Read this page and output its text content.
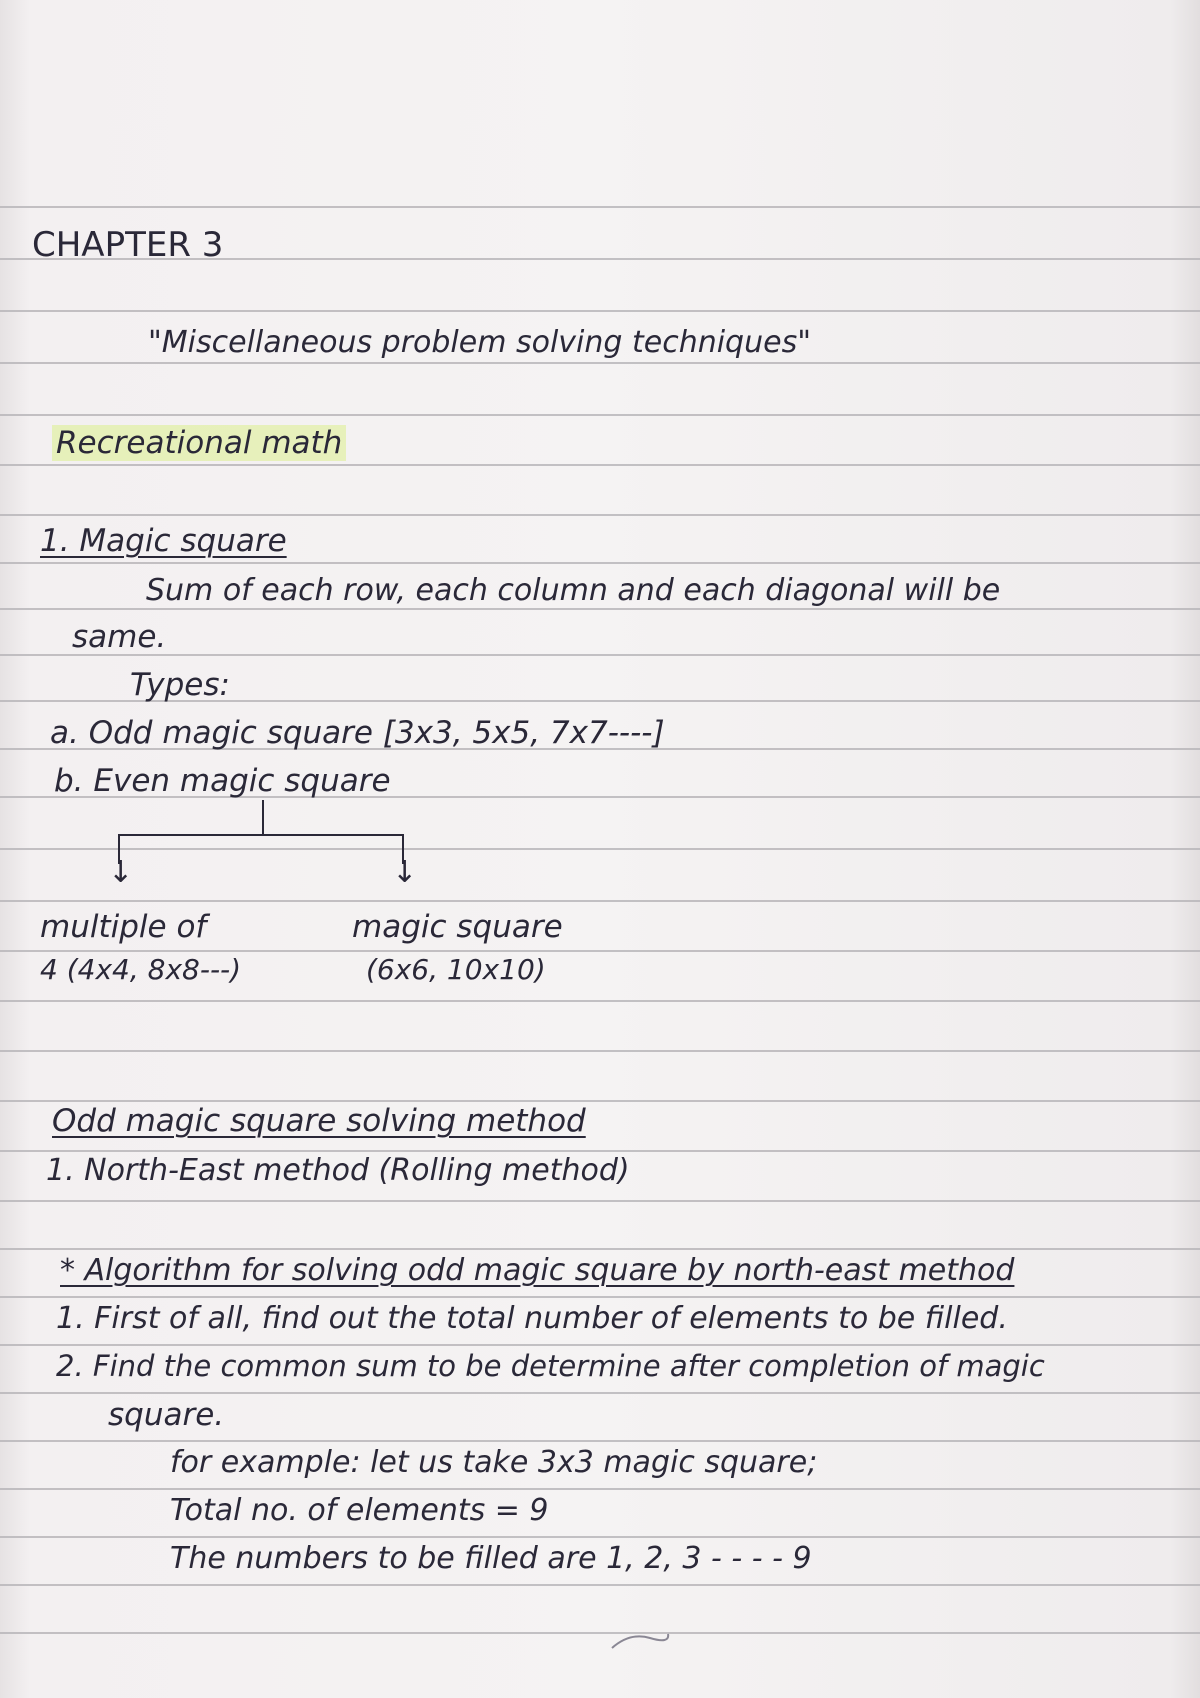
CHAPTER 3
"Miscellaneous problem solving techniques"
Recreational math
1. Magic square
Sum of each row, each column and each diagonal will be
same.
Types:
a. Odd magic square [3x3, 5x5, 7x7----]
b. Even magic square
↓	↓
multiple of
4 (4x4, 8x8---)
magic square
(6x6, 10x10)
Odd magic square solving method
1. North-East method (Rolling method)
* Algorithm for solving odd magic square by north-east method
1. First of all, find out the total number of elements to be filled.
2. Find the common sum to be determine after completion of magic
square.
for example: let us take 3x3 magic square;
Total no. of elements = 9
The numbers to be filled are 1, 2, 3 - - - - 9
